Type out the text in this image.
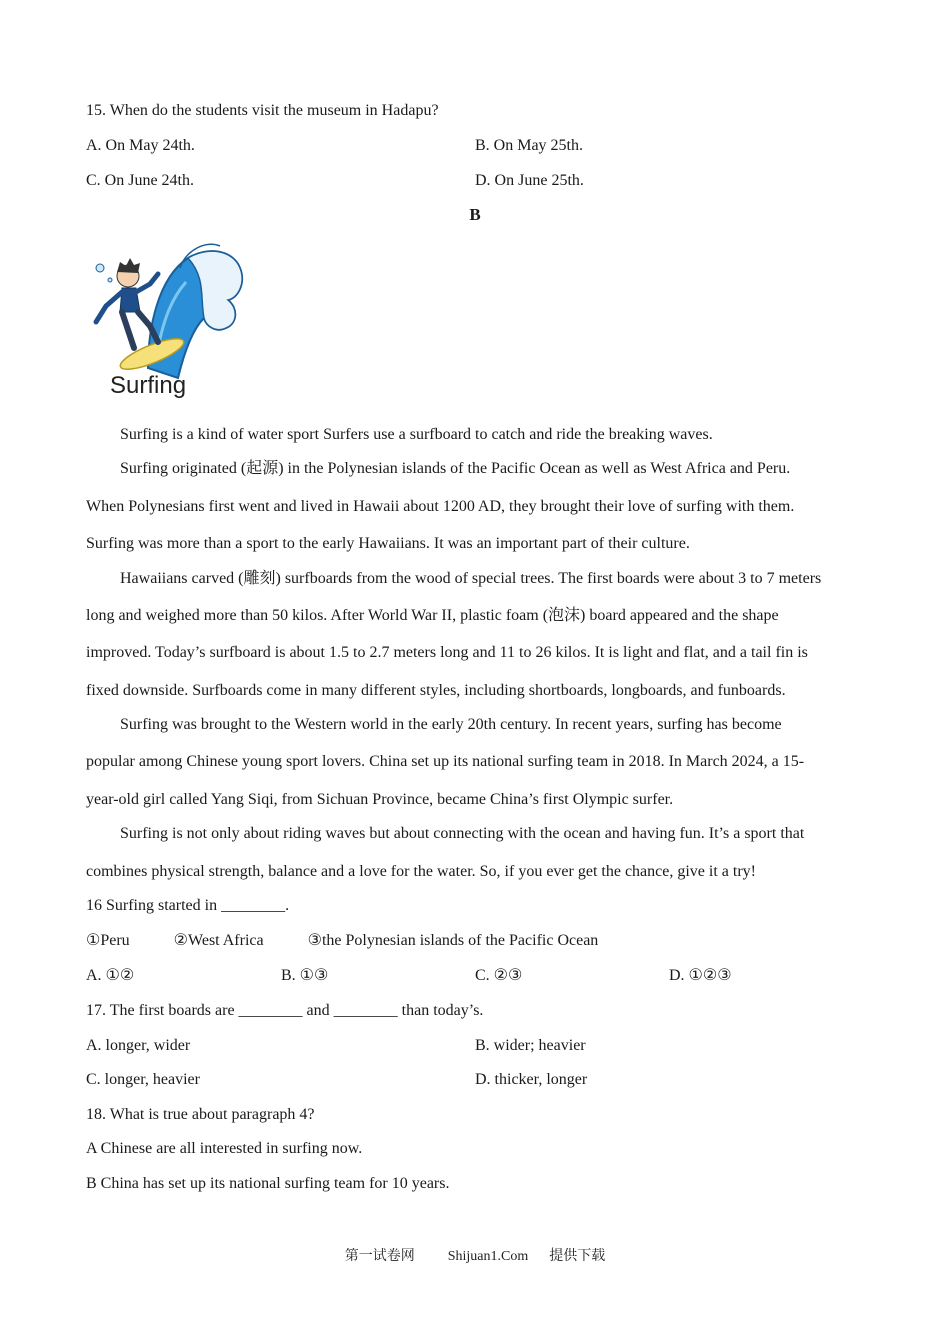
15. When do the students visit the museum in Hadapu?
A. On May 24th.	B. On May 25th.
C. On June 24th.	D. On June 25th.
B
Surfing
Surfing is a kind of water sport Surfers use a surfboard to catch and ride the breaking waves.
Surfing originated (起源) in the Polynesian islands of the Pacific Ocean as well as West Africa and Peru.
When Polynesians first went and lived in Hawaii about 1200 AD, they brought their love of surfing with them.
Surfing was more than a sport to the early Hawaiians. It was an important part of their culture.
Hawaiians carved (雕刻) surfboards from the wood of special trees. The first boards were about 3 to 7 meters
long and weighed more than 50 kilos. After World War II, plastic foam (泡沫) board appeared and the shape
improved. Today’s surfboard is about 1.5 to 2.7 meters long and 11 to 26 kilos. It is light and flat, and a tail fin is
fixed downside. Surfboards come in many different styles, including shortboards, longboards, and funboards.
Surfing was brought to the Western world in the early 20th century. In recent years, surfing has become
popular among Chinese young sport lovers. China set up its national surfing team in 2018. In March 2024, a 15-
year-old girl called Yang Siqi, from Sichuan Province, became China’s first Olympic surfer.
Surfing is not only about riding waves but about connecting with the ocean and having fun. It’s a sport that
combines physical strength, balance and a love for the water. So, if you ever get the chance, give it a try!
16 Surfing started in ________.
①Peru	②West Africa	③the Polynesian islands of the Pacific Ocean
A. ①②	B. ①③	C. ②③	D. ①②③
17. The first boards are ________ and ________ than today’s.
A. longer, wider	B. wider; heavier
C. longer, heavier	D. thicker, longer
18. What is true about paragraph 4?
A Chinese are all interested in surfing now.
B China has set up its national surfing team for 10 years.
第一试卷网 Shijuan1.Com 提供下载
